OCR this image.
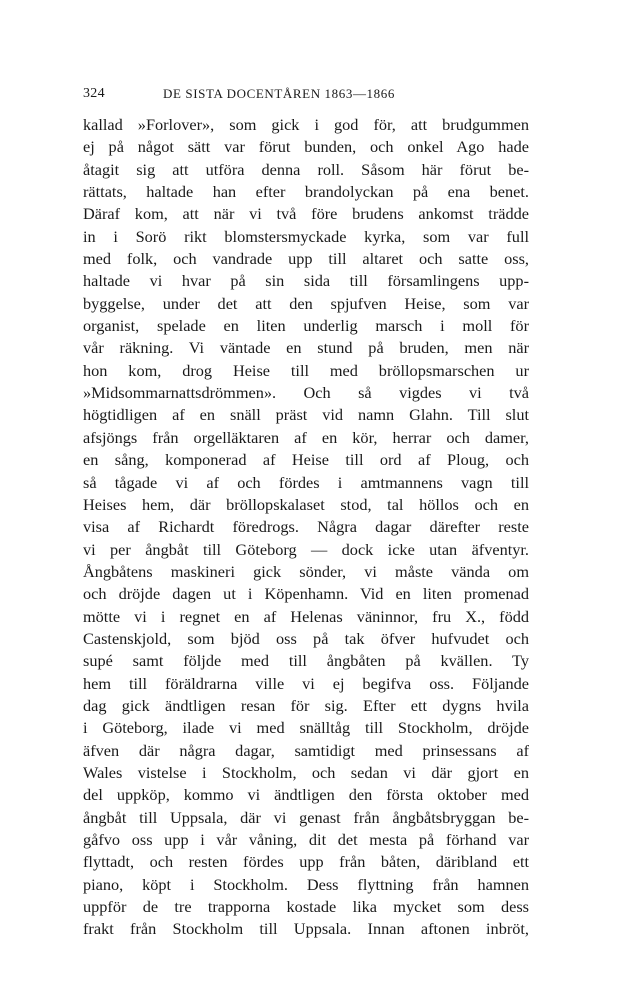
324	DE SISTA DOCENTÅREN 1863—1866
kallad »Forlover», som gick i god för, att brudgummen
ej på något sätt var förut bunden, och onkel Ago hade
åtagit sig att utföra denna roll. Såsom här förut be-
rättats, haltade han efter brandolyckan på ena benet.
Däraf kom, att när vi två före brudens ankomst trädde
in i Sorö rikt blomstersmyckade kyrka, som var full
med folk, och vandrade upp till altaret och satte oss,
haltade vi hvar på sin sida till församlingens upp-
byggelse, under det att den spjufven Heise, som var
organist, spelade en liten underlig marsch i moll för
vår räkning. Vi väntade en stund på bruden, men när
hon kom, drog Heise till med bröllopsmarschen ur
»Midsommarnattsdrömmen». Och så vigdes vi två
högtidligen af en snäll präst vid namn Glahn. Till slut
afsjöngs från orgelläktaren af en kör, herrar och damer,
en sång, komponerad af Heise till ord af Ploug, och
så tågade vi af och fördes i amtmannens vagn till
Heises hem, där bröllopskalaset stod, tal höllos och en
visa af Richardt föredrogs. Några dagar därefter reste
vi per ångbåt till Göteborg — dock icke utan äfventyr.
Ångbåtens maskineri gick sönder, vi måste vända om
och dröjde dagen ut i Köpenhamn. Vid en liten promenad
mötte vi i regnet en af Helenas väninnor, fru X., född
Castenskjold, som bjöd oss på tak öfver hufvudet och
supé samt följde med till ångbåten på kvällen. Ty
hem till föräldrarna ville vi ej begifva oss. Följande
dag gick ändtligen resan för sig. Efter ett dygns hvila
i Göteborg, ilade vi med snälltåg till Stockholm, dröjde
äfven där några dagar, samtidigt med prinsessans af
Wales vistelse i Stockholm, och sedan vi där gjort en
del uppköp, kommo vi ändtligen den första oktober med
ångbåt till Uppsala, där vi genast från ångbåtsbryggan be-
gåfvo oss upp i vår våning, dit det mesta på förhand var
flyttadt, och resten fördes upp från båten, däribland ett
piano, köpt i Stockholm. Dess flyttning från hamnen
uppför de tre trapporna kostade lika mycket som dess
frakt från Stockholm till Uppsala. Innan aftonen inbröt,
